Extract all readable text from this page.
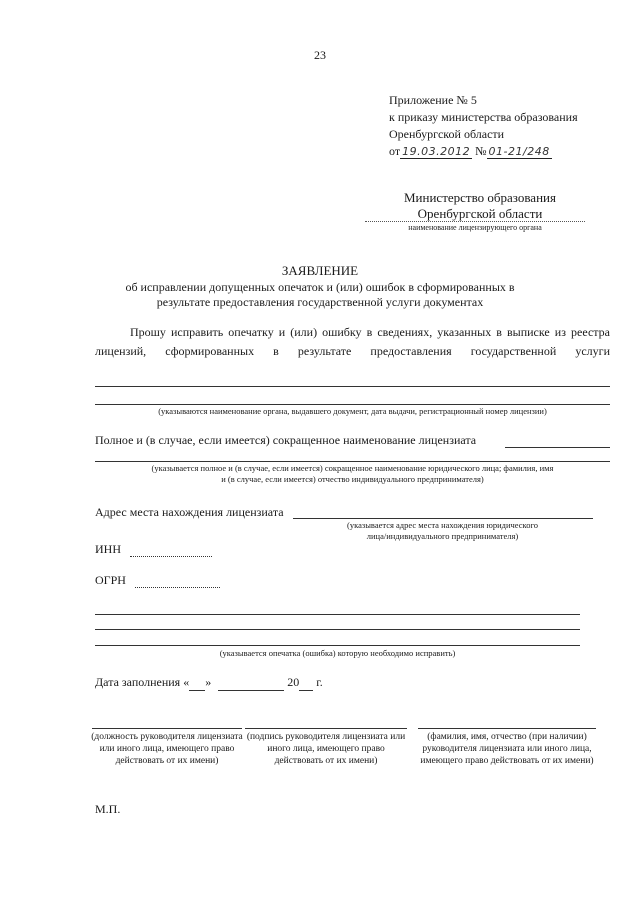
23
Приложение № 5
к приказу министерства образования
Оренбургской области
от 19.03.2012 № 01-21/248
Министерство образования
Оренбургской области
наименование лицензирующего органа
ЗАЯВЛЕНИЕ
об исправлении допущенных опечаток и (или) ошибок в сформированных в результате предоставления государственной услуги документах

Прошу исправить опечатку и (или) ошибку в сведениях, указанных в выписке из реестра лицензий, сформированных в результате предоставления государственной услуги

(указываются наименование органа, выдавшего документ, дата выдачи, регистрационный номер лицензии)
Полное и (в случае, если имеется) сокращенное наименование лицензиата
(указывается полное и (в случае, если имеется) сокращенное наименование юридического лица; фамилия, имя
и (в случае, если имеется) отчество индивидуального предпринимателя)
Адрес места нахождения лицензиата
(указывается адрес места нахождения юридического
лица/индивидуального предпринимателя)
ИНН
ОГРН
(указывается опечатка (ошибка) которую необходимо исправить)
Дата заполнения « »	20 г.
(должность руководителя лицензиата или иного лица, имеющего право действовать от их имени)
(подпись руководителя лицензиата или иного лица, имеющего право действовать от их имени)
(фамилия, имя, отчество (при наличии) руководителя лицензиата или иного лица, имеющего право действовать от их имени)
М.П.
